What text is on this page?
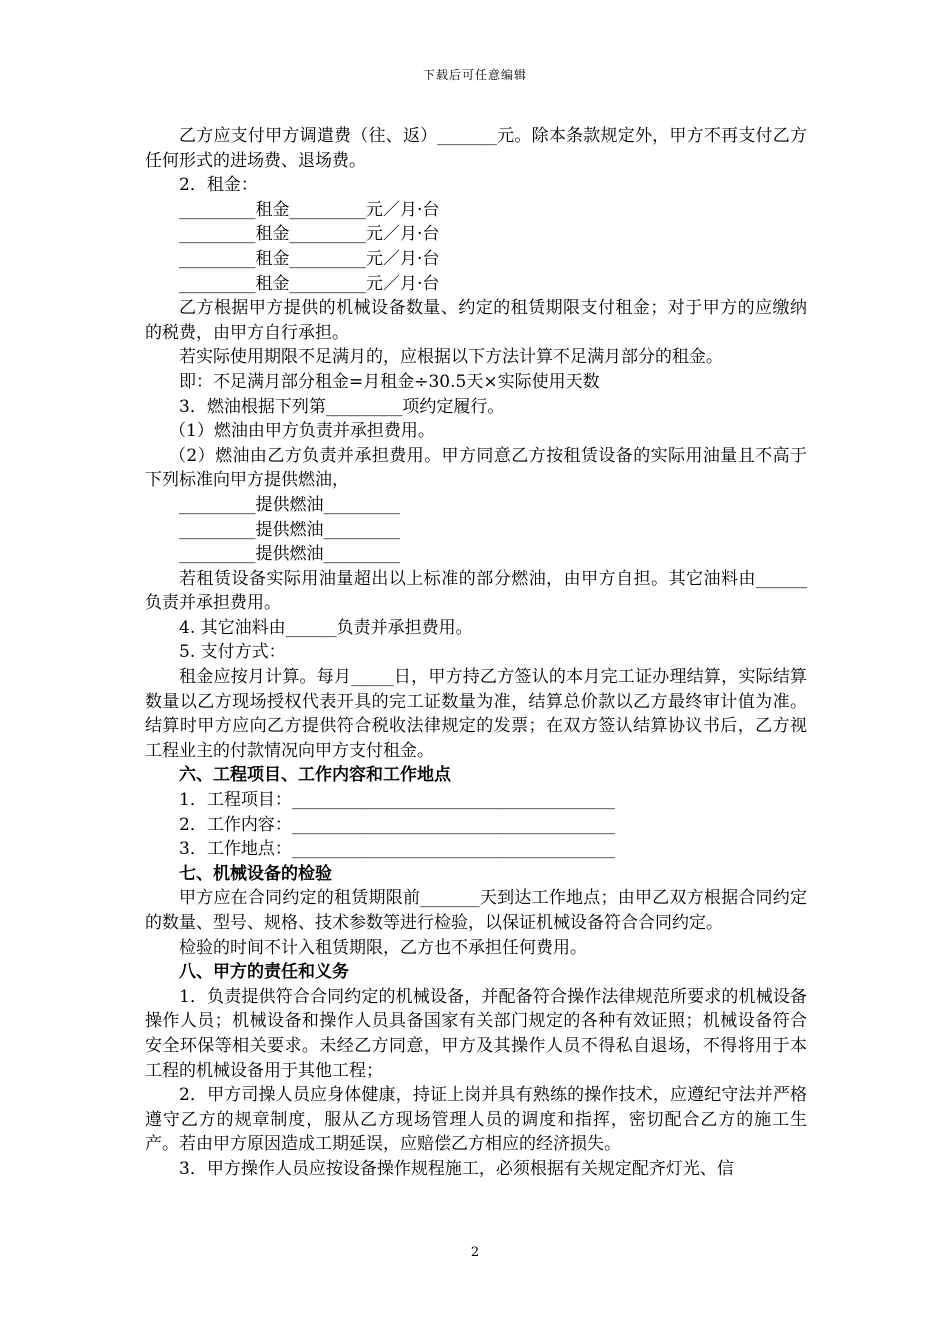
下载后可任意编辑

乙方应支付甲方调遣费（往、返）_______元。除本条款规定外，甲方不再支付乙方任何形式的进场费、退场费。

2．租金：

_________租金_________元／月·台

_________租金_________元／月·台

_________租金_________元／月·台

_________租金_________元／月·台

乙方根据甲方提供的机械设备数量、约定的租赁期限支付租金；对于甲方的应缴纳的税费，由甲方自行承担。

若实际使用期限不足满月的，应根据以下方法计算不足满月部分的租金。

即：不足满月部分租金=月租金÷30.5天×实际使用天数

3．燃油根据下列第_________项约定履行。

（1）燃油由甲方负责并承担费用。

（2）燃油由乙方负责并承担费用。甲方同意乙方按租赁设备的实际用油量且不高于下列标准向甲方提供燃油，

_________提供燃油_________

_________提供燃油_________

_________提供燃油_________

若租赁设备实际用油量超出以上标准的部分燃油，由甲方自担。其它油料由______负责并承担费用。

4. 其它油料由______负责并承担费用。

5. 支付方式：

租金应按月计算。每月_____日，甲方持乙方签认的本月完工证办理结算，实际结算数量以乙方现场授权代表开具的完工证数量为准，结算总价款以乙方最终审计值为准。结算时甲方应向乙方提供符合税收法律规定的发票；在双方签认结算协议书后，乙方视工程业主的付款情况向甲方支付租金。

六、工程项目、工作内容和工作地点

1．工程项目：______________________________________

2．工作内容：______________________________________

3．工作地点：______________________________________

七、机械设备的检验

甲方应在合同约定的租赁期限前_______天到达工作地点；由甲乙双方根据合同约定的数量、型号、规格、技术参数等进行检验，以保证机械设备符合合同约定。

检验的时间不计入租赁期限，乙方也不承担任何费用。

八、甲方的责任和义务

1．负责提供符合合同约定的机械设备，并配备符合操作法律规范所要求的机械设备操作人员；机械设备和操作人员具备国家有关部门规定的各种有效证照；机械设备符合安全环保等相关要求。未经乙方同意，甲方及其操作人员不得私自退场，不得将用于本工程的机械设备用于其他工程；

2．甲方司操人员应身体健康，持证上岗并具有熟练的操作技术，应遵纪守法并严格遵守乙方的规章制度，服从乙方现场管理人员的调度和指挥，密切配合乙方的施工生产。若由甲方原因造成工期延误，应赔偿乙方相应的经济损失。

3．甲方操作人员应按设备操作规程施工，必须根据有关规定配齐灯光、信

2
